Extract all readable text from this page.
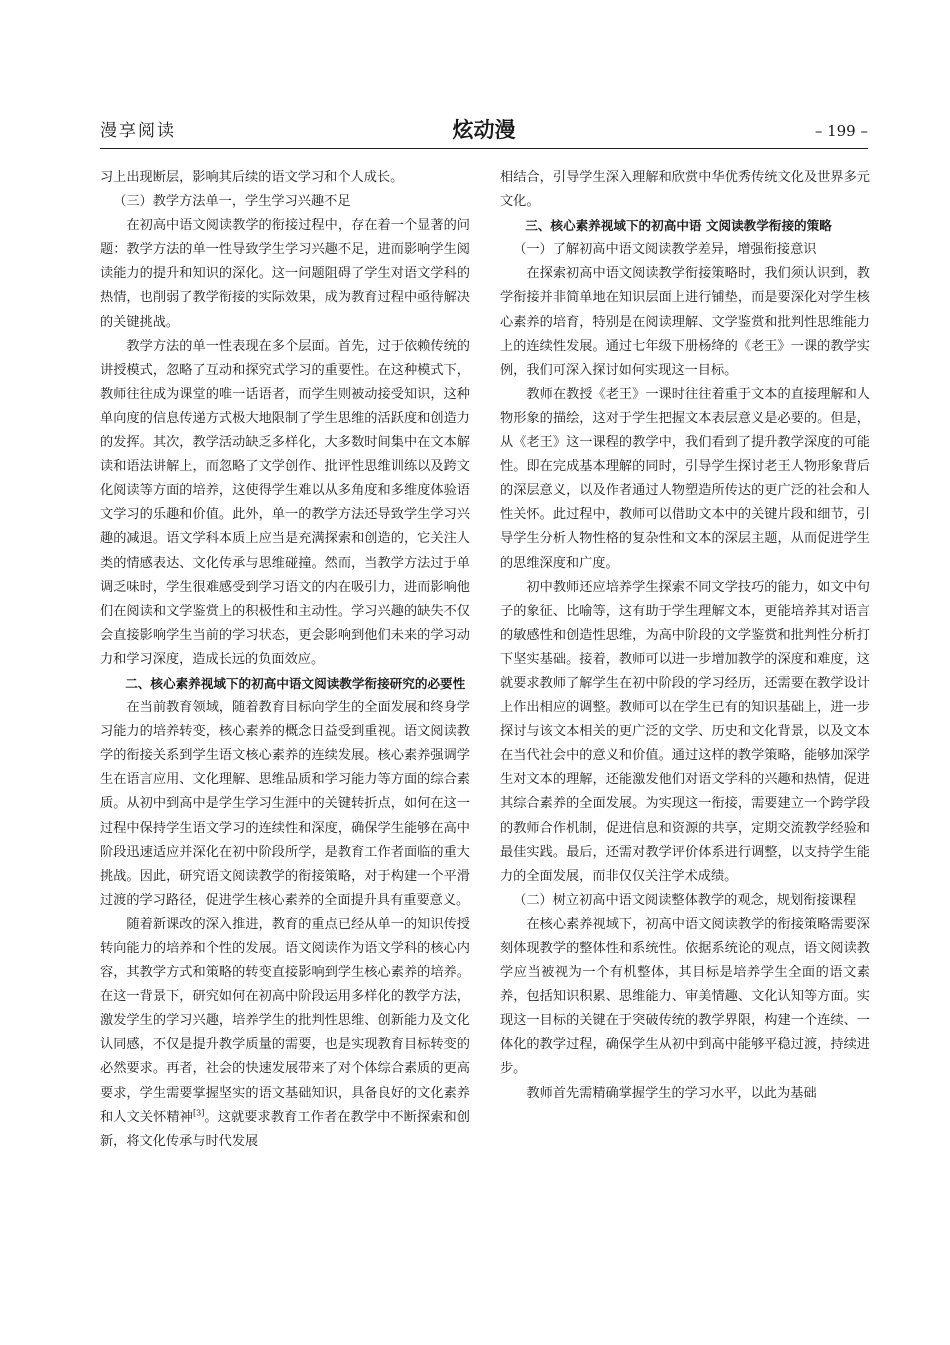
漫享阅读	炫动漫	– 199 –

习上出现断层，影响其后续的语文学习和个人成长。

（三）教学方法单一，学生学习兴趣不足

在初高中语文阅读教学的衔接过程中，存在着一个显著的问题：教学方法的单一性导致学生学习兴趣不足，进而影响学生阅读能力的提升和知识的深化。这一问题阻碍了学生对语文学科的热情，也削弱了教学衔接的实际效果，成为教育过程中亟待解决的关键挑战。

教学方法的单一性表现在多个层面。首先，过于依赖传统的讲授模式，忽略了互动和探究式学习的重要性。在这种模式下，教师往往成为课堂的唯一话语者，而学生则被动接受知识，这种单向度的信息传递方式极大地限制了学生思维的活跃度和创造力的发挥。其次，教学活动缺乏多样化，大多数时间集中在文本解读和语法讲解上，而忽略了文学创作、批评性思维训练以及跨文化阅读等方面的培养，这使得学生难以从多角度和多维度体验语文学习的乐趣和价值。此外，单一的教学方法还导致学生学习兴趣的减退。语文学科本质上应当是充满探索和创造的，它关注人类的情感表达、文化传承与思维碰撞。然而，当教学方法过于单调乏味时，学生很难感受到学习语文的内在吸引力，进而影响他们在阅读和文学鉴赏上的积极性和主动性。学习兴趣的缺失不仅会直接影响学生当前的学习状态，更会影响到他们未来的学习动力和学习深度，造成长远的负面效应。

二、核心素养视域下的初高中语文阅读教学衔接研究的必要性

在当前教育领域，随着教育目标向学生的全面发展和终身学习能力的培养转变，核心素养的概念日益受到重视。语文阅读教学的衔接关系到学生语文核心素养的连续发展。核心素养强调学生在语言应用、文化理解、思维品质和学习能力等方面的综合素质。从初中到高中是学生学习生涯中的关键转折点，如何在这一过程中保持学生语文学习的连续性和深度，确保学生能够在高中阶段迅速适应并深化在初中阶段所学，是教育工作者面临的重大挑战。因此，研究语文阅读教学的衔接策略，对于构建一个平滑过渡的学习路径，促进学生核心素养的全面提升具有重要意义。

随着新课改的深入推进，教育的重点已经从单一的知识传授转向能力的培养和个性的发展。语文阅读作为语文学科的核心内容，其教学方式和策略的转变直接影响到学生核心素养的培养。在这一背景下，研究如何在初高中阶段运用多样化的教学方法，激发学生的学习兴趣，培养学生的批判性思维、创新能力及文化认同感，不仅是提升教学质量的需要，也是实现教育目标转变的必然要求。再者，社会的快速发展带来了对个体综合素质的更高要求，学生需要掌握坚实的语文基础知识，具备良好的文化素养和人文关怀精神[3]。这就要求教育工作者在教学中不断探索和创新，将文化传承与时代发展

相结合，引导学生深入理解和欣赏中华优秀传统文化及世界多元文化。

三、核心素养视域下的初高中语 文阅读教学衔接的策略

（一）了解初高中语文阅读教学差异，增强衔接意识

在探索初高中语文阅读教学衔接策略时，我们须认识到，教学衔接并非简单地在知识层面上进行铺垫，而是要深化对学生核心素养的培育，特别是在阅读理解、文学鉴赏和批判性思维能力上的连续性发展。通过七年级下册杨绛的《老王》一课的教学实例，我们可深入探讨如何实现这一目标。

教师在教授《老王》一课时往往着重于文本的直接理解和人物形象的描绘，这对于学生把握文本表层意义是必要的。但是，从《老王》这一课程的教学中，我们看到了提升教学深度的可能性。即在完成基本理解的同时，引导学生探讨老王人物形象背后的深层意义，以及作者通过人物塑造所传达的更广泛的社会和人性关怀。此过程中，教师可以借助文本中的关键片段和细节，引导学生分析人物性格的复杂性和文本的深层主题，从而促进学生的思维深度和广度。

初中教师还应培养学生探索不同文学技巧的能力，如文中句子的象征、比喻等，这有助于学生理解文本，更能培养其对语言的敏感性和创造性思维，为高中阶段的文学鉴赏和批判性分析打下坚实基础。接着，教师可以进一步增加教学的深度和难度，这就要求教师了解学生在初中阶段的学习经历，还需要在教学设计上作出相应的调整。教师可以在学生已有的知识基础上，进一步探讨与该文本相关的更广泛的文学、历史和文化背景，以及文本在当代社会中的意义和价值。通过这样的教学策略，能够加深学生对文本的理解，还能激发他们对语文学科的兴趣和热情，促进其综合素养的全面发展。为实现这一衔接，需要建立一个跨学段的教师合作机制，促进信息和资源的共享，定期交流教学经验和最佳实践。最后，还需对教学评价体系进行调整，以支持学生能力的全面发展，而非仅仅关注学术成绩。

（二）树立初高中语文阅读整体教学的观念，规划衔接课程

在核心素养视域下，初高中语文阅读教学的衔接策略需要深刻体现教学的整体性和系统性。依据系统论的观点，语文阅读教学应当被视为一个有机整体，其目标是培养学生全面的语文素养，包括知识积累、思维能力、审美情趣、文化认知等方面。实现这一目标的关键在于突破传统的教学界限，构建一个连续、一体化的教学过程，确保学生从初中到高中能够平稳过渡，持续进步。

教师首先需精确掌握学生的学习水平，以此为基础
